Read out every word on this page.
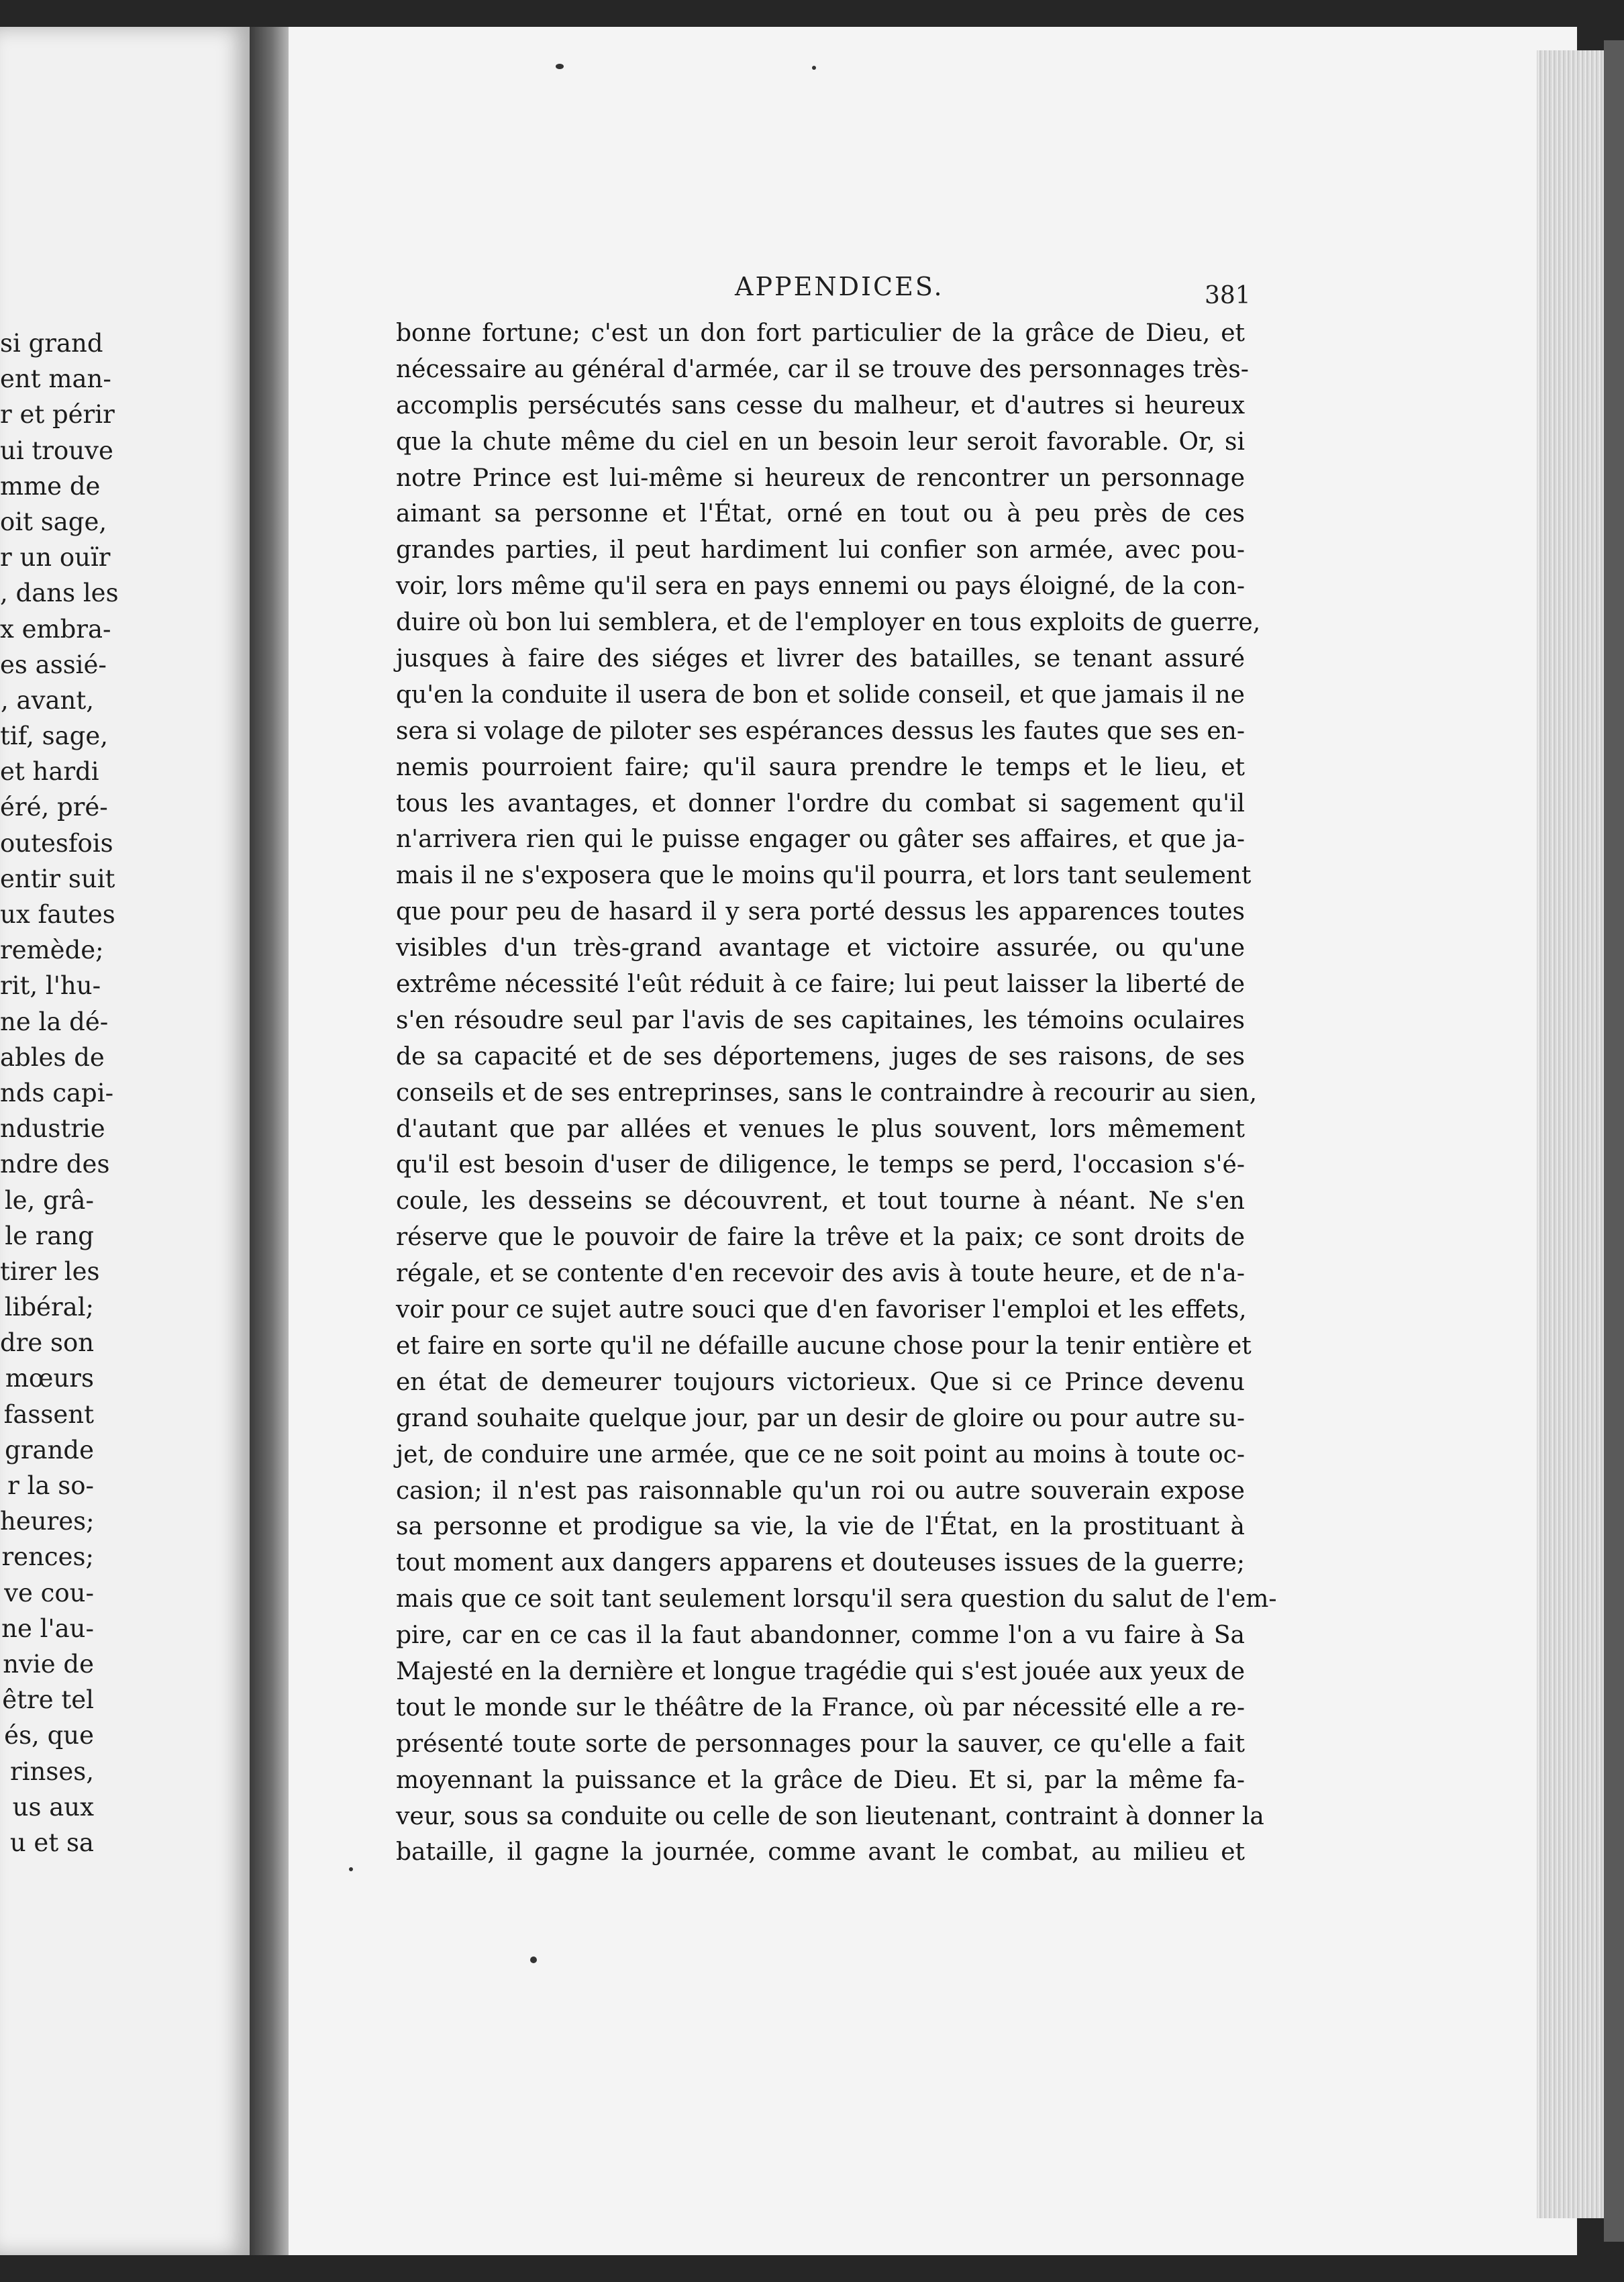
si grand
ent man-
r et périr
ui trouve
mme de
oit sage,
r un ouïr
, dans les
x embra-
es assié-
, avant,
tif, sage,
et hardi
éré, pré-
outesfois
entir suit
ux fautes
remède;
rit, l'hu-
ne la dé-
ables de
nds capi-
ndustrie
ndre des
le, grâ-
le rang
tirer les
libéral;
dre son
mœurs
fassent
grande
r la so-
heures;
rences;
ve cou-
ne l'au-
nvie de
être tel
és, que
rinses,
us aux
u et sa
APPENDICES.	381
bonne fortune; c'est un don fort particulier de la grâce de Dieu, et
nécessaire au général d'armée, car il se trouve des personnages très-
accomplis persécutés sans cesse du malheur, et d'autres si heureux
que la chute même du ciel en un besoin leur seroit favorable. Or, si
notre Prince est lui-même si heureux de rencontrer un personnage
aimant sa personne et l'État, orné en tout ou à peu près de ces
grandes parties, il peut hardiment lui confier son armée, avec pou-
voir, lors même qu'il sera en pays ennemi ou pays éloigné, de la con-
duire où bon lui semblera, et de l'employer en tous exploits de guerre,
jusques à faire des siéges et livrer des batailles, se tenant assuré
qu'en la conduite il usera de bon et solide conseil, et que jamais il ne
sera si volage de piloter ses espérances dessus les fautes que ses en-
nemis pourroient faire; qu'il saura prendre le temps et le lieu, et
tous les avantages, et donner l'ordre du combat si sagement qu'il
n'arrivera rien qui le puisse engager ou gâter ses affaires, et que ja-
mais il ne s'exposera que le moins qu'il pourra, et lors tant seulement
que pour peu de hasard il y sera porté dessus les apparences toutes
visibles d'un très-grand avantage et victoire assurée, ou qu'une
extrême nécessité l'eût réduit à ce faire; lui peut laisser la liberté de
s'en résoudre seul par l'avis de ses capitaines, les témoins oculaires
de sa capacité et de ses déportemens, juges de ses raisons, de ses
conseils et de ses entreprinses, sans le contraindre à recourir au sien,
d'autant que par allées et venues le plus souvent, lors mêmement
qu'il est besoin d'user de diligence, le temps se perd, l'occasion s'é-
coule, les desseins se découvrent, et tout tourne à néant. Ne s'en
réserve que le pouvoir de faire la trêve et la paix; ce sont droits de
régale, et se contente d'en recevoir des avis à toute heure, et de n'a-
voir pour ce sujet autre souci que d'en favoriser l'emploi et les effets,
et faire en sorte qu'il ne défaille aucune chose pour la tenir entière et
en état de demeurer toujours victorieux. Que si ce Prince devenu
grand souhaite quelque jour, par un desir de gloire ou pour autre su-
jet, de conduire une armée, que ce ne soit point au moins à toute oc-
casion; il n'est pas raisonnable qu'un roi ou autre souverain expose
sa personne et prodigue sa vie, la vie de l'État, en la prostituant à
tout moment aux dangers apparens et douteuses issues de la guerre;
mais que ce soit tant seulement lorsqu'il sera question du salut de l'em-
pire, car en ce cas il la faut abandonner, comme l'on a vu faire à Sa
Majesté en la dernière et longue tragédie qui s'est jouée aux yeux de
tout le monde sur le théâtre de la France, où par nécessité elle a re-
présenté toute sorte de personnages pour la sauver, ce qu'elle a fait
moyennant la puissance et la grâce de Dieu. Et si, par la même fa-
veur, sous sa conduite ou celle de son lieutenant, contraint à donner la
bataille, il gagne la journée, comme avant le combat, au milieu et
